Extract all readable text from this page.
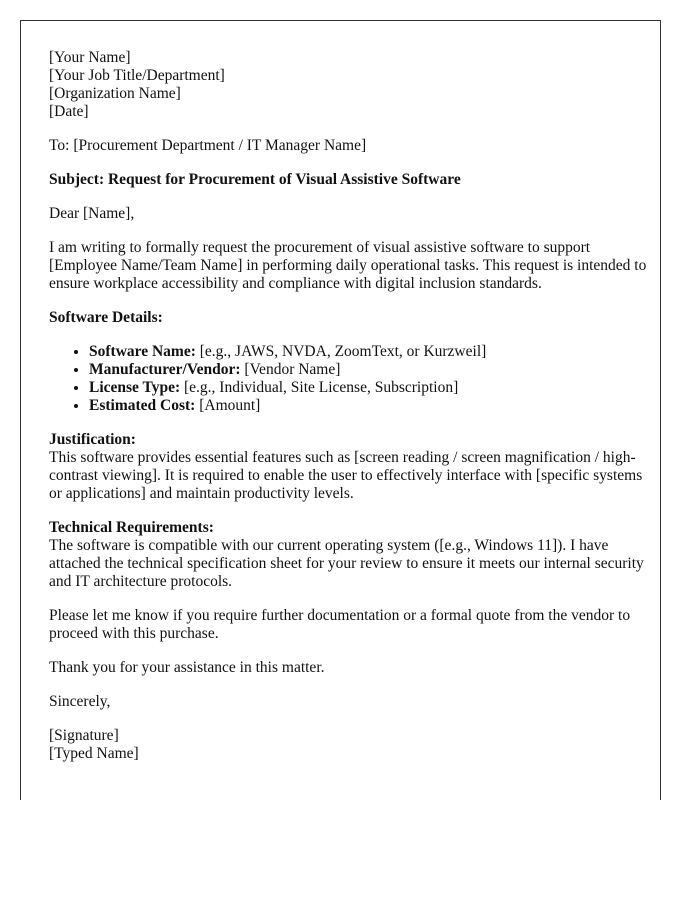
[Your Name]
[Your Job Title/Department]
[Organization Name]
[Date]

To: [Procurement Department / IT Manager Name]

Subject: Request for Procurement of Visual Assistive Software

Dear [Name],

I am writing to formally request the procurement of visual assistive software to support [Employee Name/Team Name] in performing daily operational tasks. This request is intended to ensure workplace accessibility and compliance with digital inclusion standards.

Software Details:

• Software Name: [e.g., JAWS, NVDA, ZoomText, or Kurzweil]
• Manufacturer/Vendor: [Vendor Name]
• License Type: [e.g., Individual, Site License, Subscription]
• Estimated Cost: [Amount]

Justification:
This software provides essential features such as [screen reading / screen magnification / high-contrast viewing]. It is required to enable the user to effectively interface with [specific systems or applications] and maintain productivity levels.

Technical Requirements:
The software is compatible with our current operating system ([e.g., Windows 11]). I have attached the technical specification sheet for your review to ensure it meets our internal security and IT architecture protocols.

Please let me know if you require further documentation or a formal quote from the vendor to proceed with this purchase.

Thank you for your assistance in this matter.

Sincerely,

[Signature]
[Typed Name]
